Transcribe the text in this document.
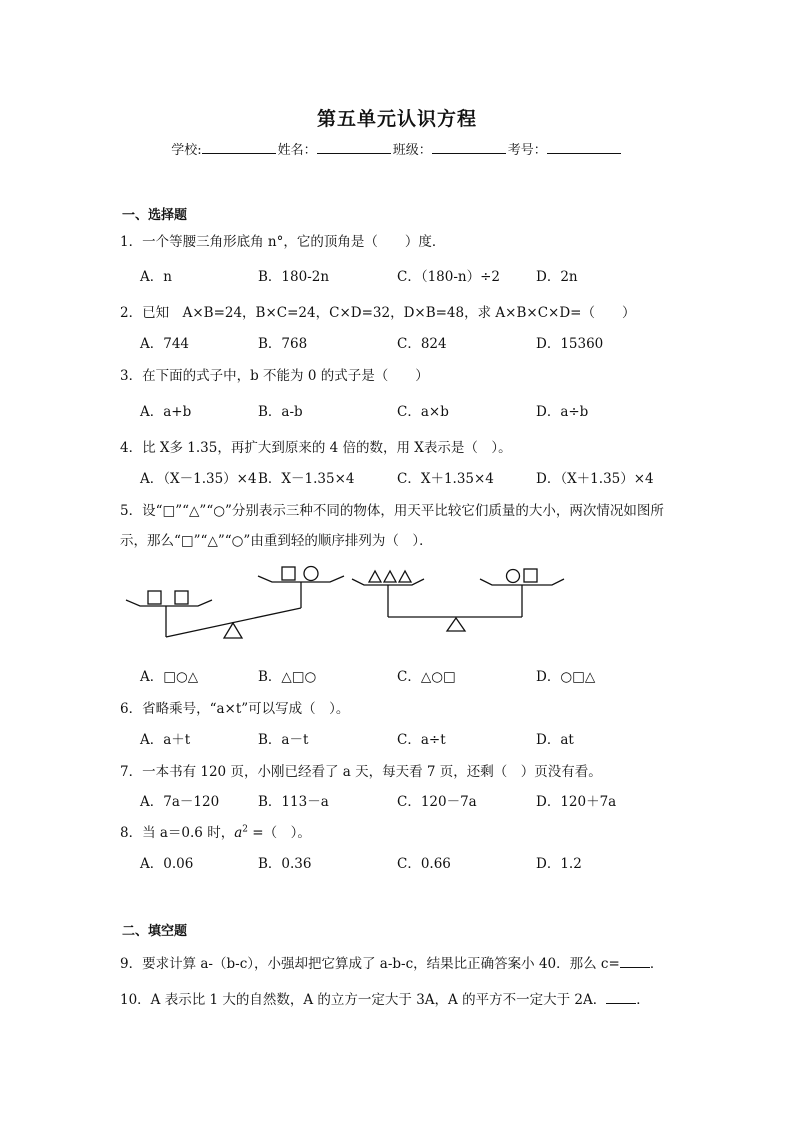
第五单元认识方程
学校:	姓名：	班级：	考号：
一、选择题
1．一个等腰三角形底角 n°，它的顶角是（　　）度．
A．n	B．180-2n	C．（180-n）÷2	D．2n
2．已知　A×B=24，B×C=24，C×D=32，D×B=48，求 A×B×C×D=（　　）
A．744	B．768	C．824	D．15360
3．在下面的式子中，b 不能为 0 的式子是（　　）
A．a+b	B．a-b	C．a×b	D．a÷b
4．比 X多 1.35，再扩大到原来的 4 倍的数，用 X表示是（　）。
A．（X－1.35）×4 B．X－1.35×4	C．X＋1.35×4	D．（X＋1.35）×4
5．设“□”“△”“○”分别表示三种不同的物体，用天平比较它们质量的大小，两次情况如图所
示，那么“□”“△”“○”由重到轻的顺序排列为（　）．
A．□○△	B．△□○	C．△○□	D．○□△
6．省略乘号，“a×t”可以写成（　）。
A．a＋t	B．a－t	C．a÷t	D．at
7．一本书有 120 页，小刚已经看了 a 天，每天看 7 页，还剩（　）页没有看。
A．7a－120	B．113－a	C．120－7a	D．120＋7a
8．当 a＝0.6 时，$a^2$ =（　）。
A．0.06	B．0.36	C．0.66	D．1.2
二、填空题
9．要求计算 a-（b-c），小强却把它算成了 a-b-c，结果比正确答案小 40．那么 c= ．
10．A 表示比 1 大的自然数，A 的立方一定大于 3A，A 的平方不一定大于 2A． ．
